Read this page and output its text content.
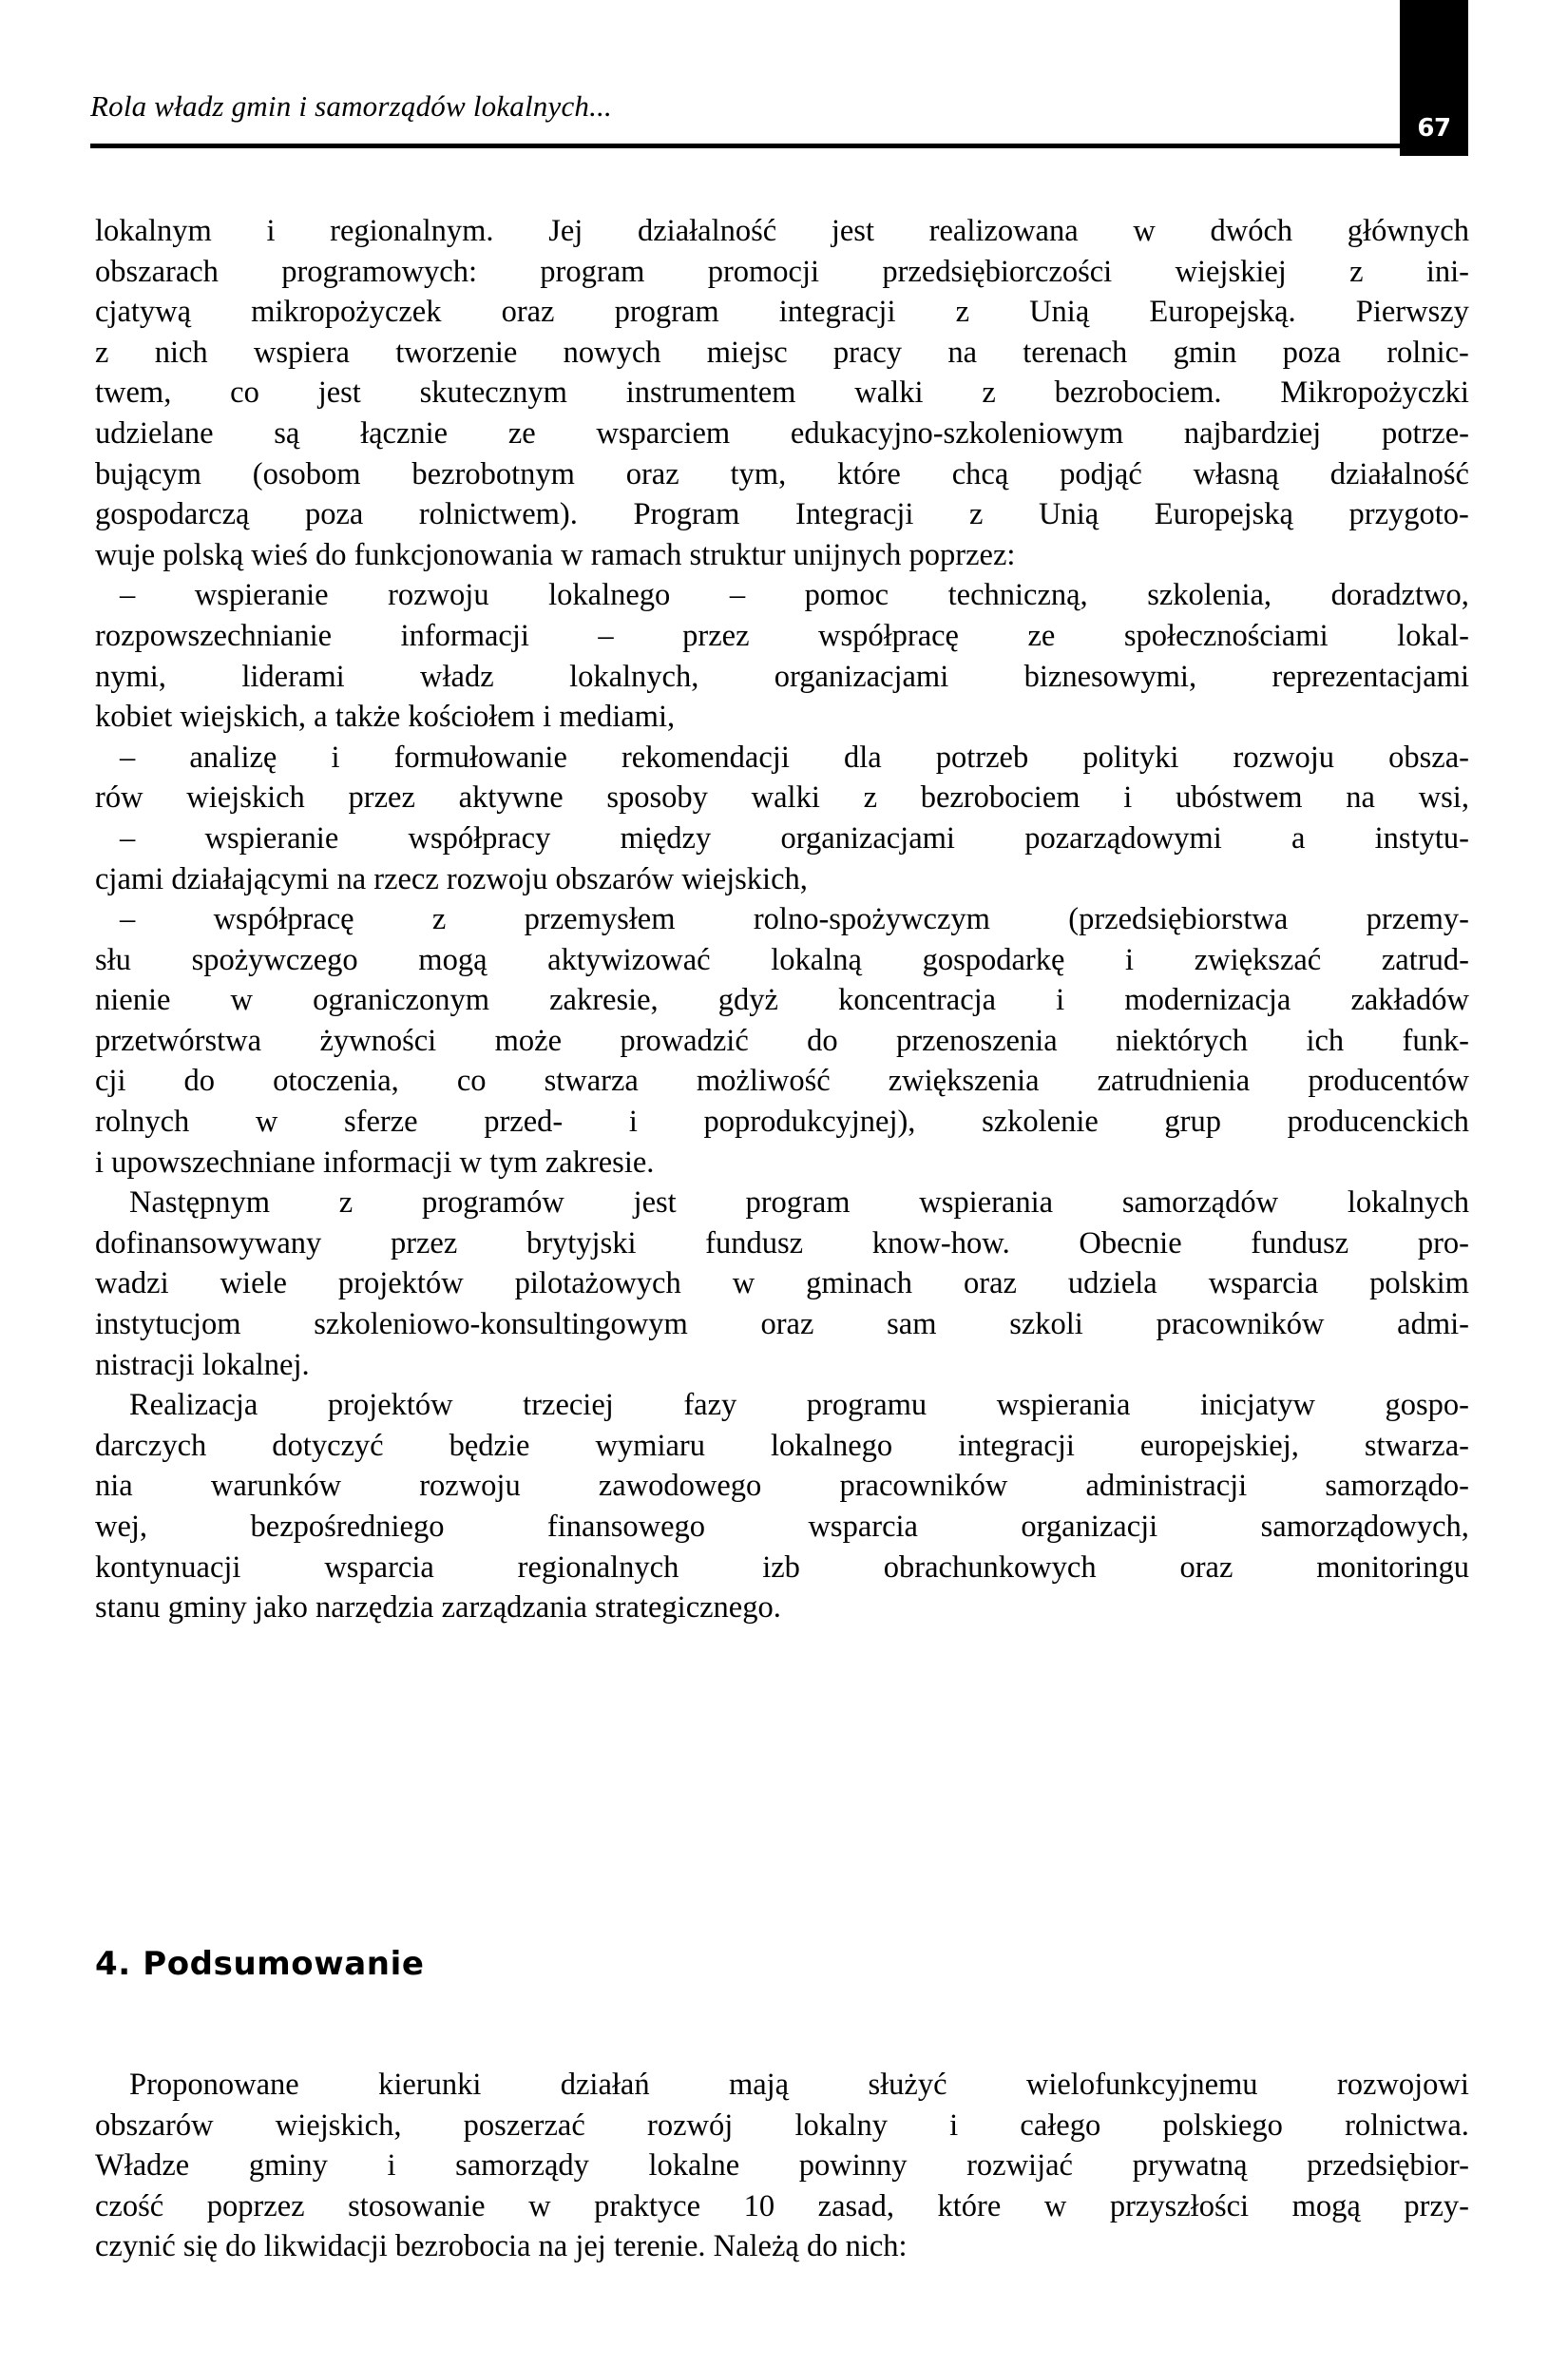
67
Rola władz gmin i samorządów lokalnych...
lokalnym i regionalnym. Jej działalność jest realizowana w dwóch głównych
obszarach programowych: program promocji przedsiębiorczości wiejskiej z ini-
cjatywą mikropożyczek oraz program integracji z Unią Europejską. Pierwszy
z nich wspiera tworzenie nowych miejsc pracy na terenach gmin poza rolnic-
twem, co jest skutecznym instrumentem walki z bezrobociem. Mikropożyczki
udzielane są łącznie ze wsparciem edukacyjno-szkoleniowym najbardziej potrze-
bującym (osobom bezrobotnym oraz tym, które chcą podjąć własną działalność
gospodarczą poza rolnictwem). Program Integracji z Unią Europejską przygoto-
wuje polską wieś do funkcjonowania w ramach struktur unijnych poprzez:
– wspieranie rozwoju lokalnego – pomoc techniczną, szkolenia, doradztwo,
rozpowszechnianie informacji – przez współpracę ze społecznościami lokal-
nymi, liderami władz lokalnych, organizacjami biznesowymi, reprezentacjami
kobiet wiejskich, a także kościołem i mediami,
– analizę i formułowanie rekomendacji dla potrzeb polityki rozwoju obsza-
rów wiejskich przez aktywne sposoby walki z bezrobociem i ubóstwem na wsi,
– wspieranie współpracy między organizacjami pozarządowymi a instytu-
cjami działającymi na rzecz rozwoju obszarów wiejskich,
–	współpracę	z	przemysłem	rolno-spożywczym	(przedsiębiorstwa	przemy-
słu spożywczego mogą aktywizować lokalną gospodarkę i zwiększać zatrud-
nienie w ograniczonym zakresie, gdyż koncentracja i modernizacja zakładów
przetwórstwa żywności może prowadzić do przenoszenia niektórych ich funk-
cji do otoczenia, co stwarza możliwość zwiększenia zatrudnienia producentów
rolnych w sferze przed- i poprodukcyjnej), szkolenie grup producenckich
i upowszechniane informacji w tym zakresie.
Następnym z programów jest program wspierania samorządów lokalnych
dofinansowywany przez brytyjski fundusz know-how. Obecnie fundusz pro-
wadzi wiele projektów pilotażowych w gminach oraz udziela wsparcia polskim
instytucjom szkoleniowo-konsultingowym oraz sam szkoli pracowników admi-
nistracji lokalnej.
Realizacja projektów trzeciej fazy programu wspierania inicjatyw gospo-
darczych dotyczyć będzie wymiaru lokalnego integracji europejskiej, stwarza-
nia	warunków	rozwoju	zawodowego	pracowników	administracji	samorządo-
wej,	bezpośredniego	finansowego	wsparcia	organizacji	samorządowych,
kontynuacji	wsparcia	regionalnych	izb	obrachunkowych	oraz	monitoringu
stanu gminy jako narzędzia zarządzania strategicznego.
4. Podsumowanie
Proponowane	kierunki	działań	mają	służyć	wielofunkcyjnemu	rozwojowi
obszarów wiejskich, poszerzać rozwój lokalny i całego polskiego rolnictwa.
Władze gminy i samorządy lokalne powinny rozwijać prywatną przedsiębior-
czość poprzez stosowanie w praktyce 10 zasad, które w przyszłości mogą przy-
czynić się do likwidacji bezrobocia na jej terenie. Należą do nich:
